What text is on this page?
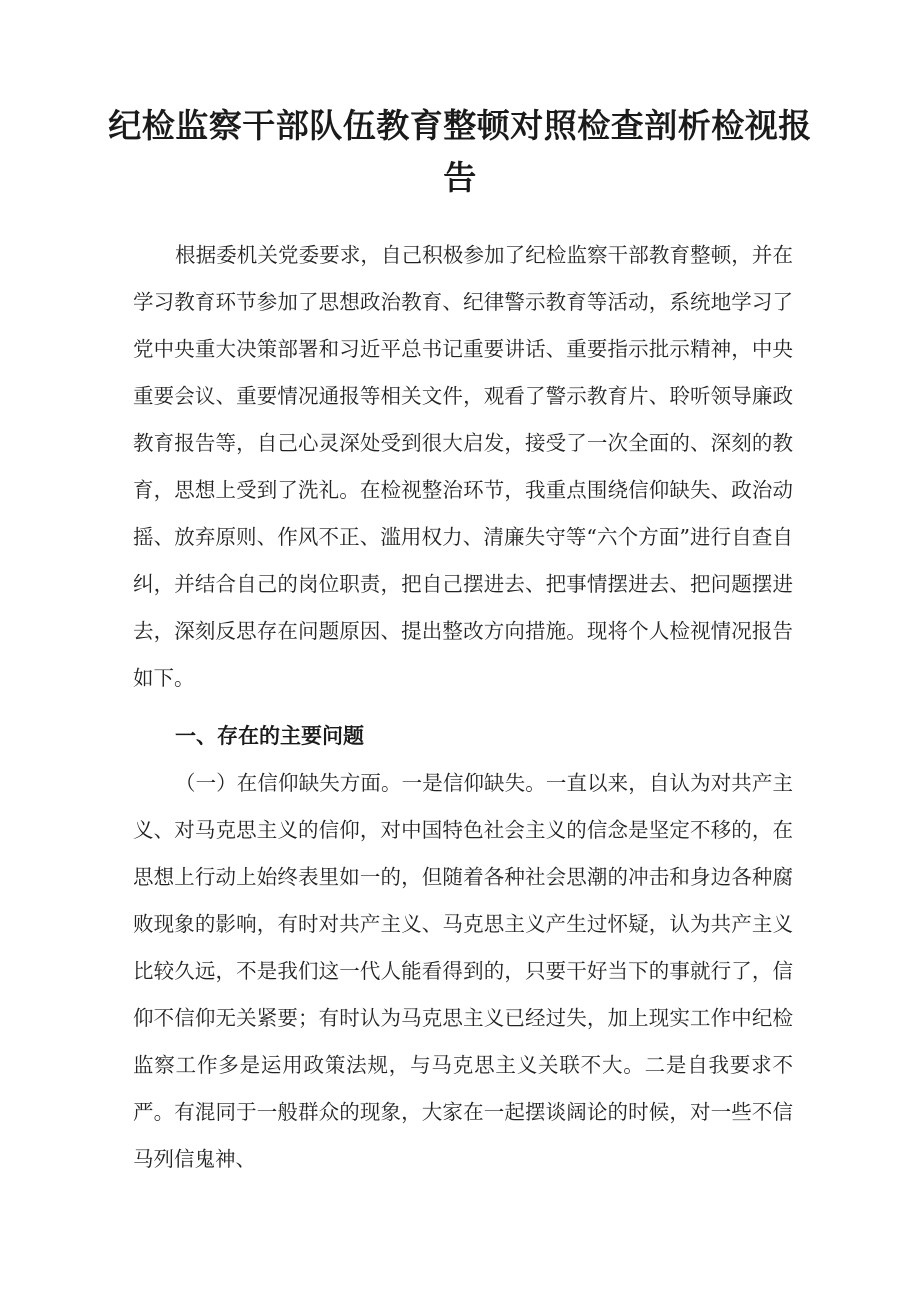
纪检监察干部队伍教育整顿对照检查剖析检视报告

根据委机关党委要求，自己积极参加了纪检监察干部教育整顿，并在学习教育环节参加了思想政治教育、纪律警示教育等活动，系统地学习了党中央重大决策部署和习近平总书记重要讲话、重要指示批示精神，中央重要会议、重要情况通报等相关文件，观看了警示教育片、聆听领导廉政教育报告等，自己心灵深处受到很大启发，接受了一次全面的、深刻的教育，思想上受到了洗礼。在检视整治环节，我重点围绕信仰缺失、政治动摇、放弃原则、作风不正、滥用权力、清廉失守等“六个方面”进行自查自纠，并结合自己的岗位职责，把自己摆进去、把事情摆进去、把问题摆进去，深刻反思存在问题原因、提出整改方向措施。现将个人检视情况报告如下。

一、存在的主要问题

（一）在信仰缺失方面。一是信仰缺失。一直以来，自认为对共产主义、对马克思主义的信仰，对中国特色社会主义的信念是坚定不移的，在思想上行动上始终表里如一的，但随着各种社会思潮的冲击和身边各种腐败现象的影响，有时对共产主义、马克思主义产生过怀疑，认为共产主义比较久远，不是我们这一代人能看得到的，只要干好当下的事就行了，信仰不信仰无关紧要；有时认为马克思主义已经过失，加上现实工作中纪检监察工作多是运用政策法规，与马克思主义关联不大。二是自我要求不严。有混同于一般群众的现象，大家在一起摆谈阔论的时候，对一些不信马列信鬼神、
